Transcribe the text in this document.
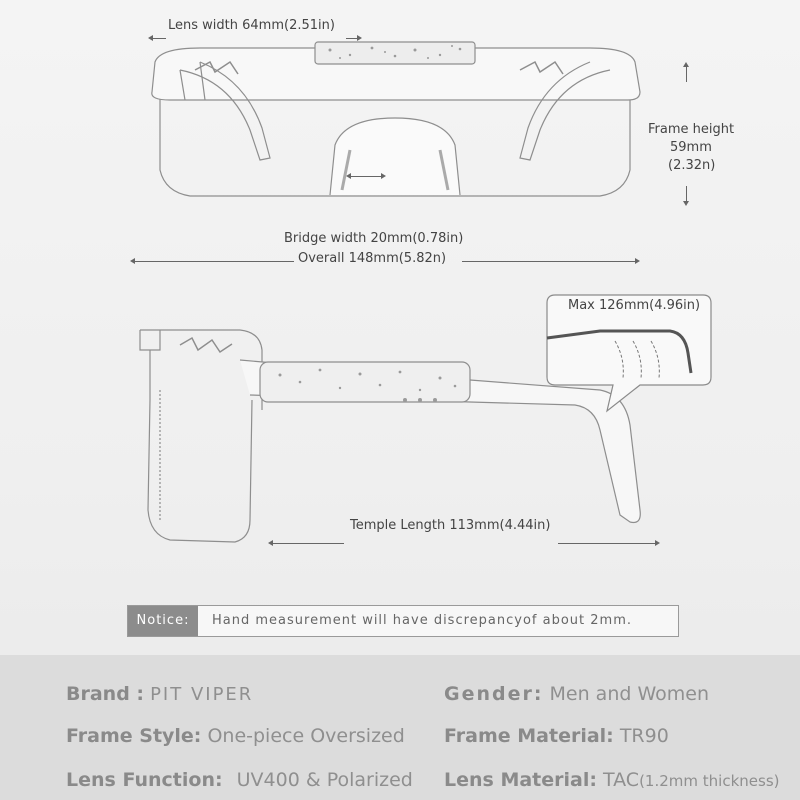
Lens width 64mm(2.51in)
Frame height
59mm
(2.32n)
Bridge width 20mm(0.78in)
Overall 148mm(5.82n)
Max 126mm(4.96in)
Temple Length 113mm(4.44in)
Notice:	Hand measurement will have discrepancyof about 2mm.
Brand : PIT VIPER	Gender: Men and Women
Frame Style: One-piece Oversized Frame Material: TR90
Lens Function: UV400 & Polarized Lens Material: TAC(1.2mm thickness)
